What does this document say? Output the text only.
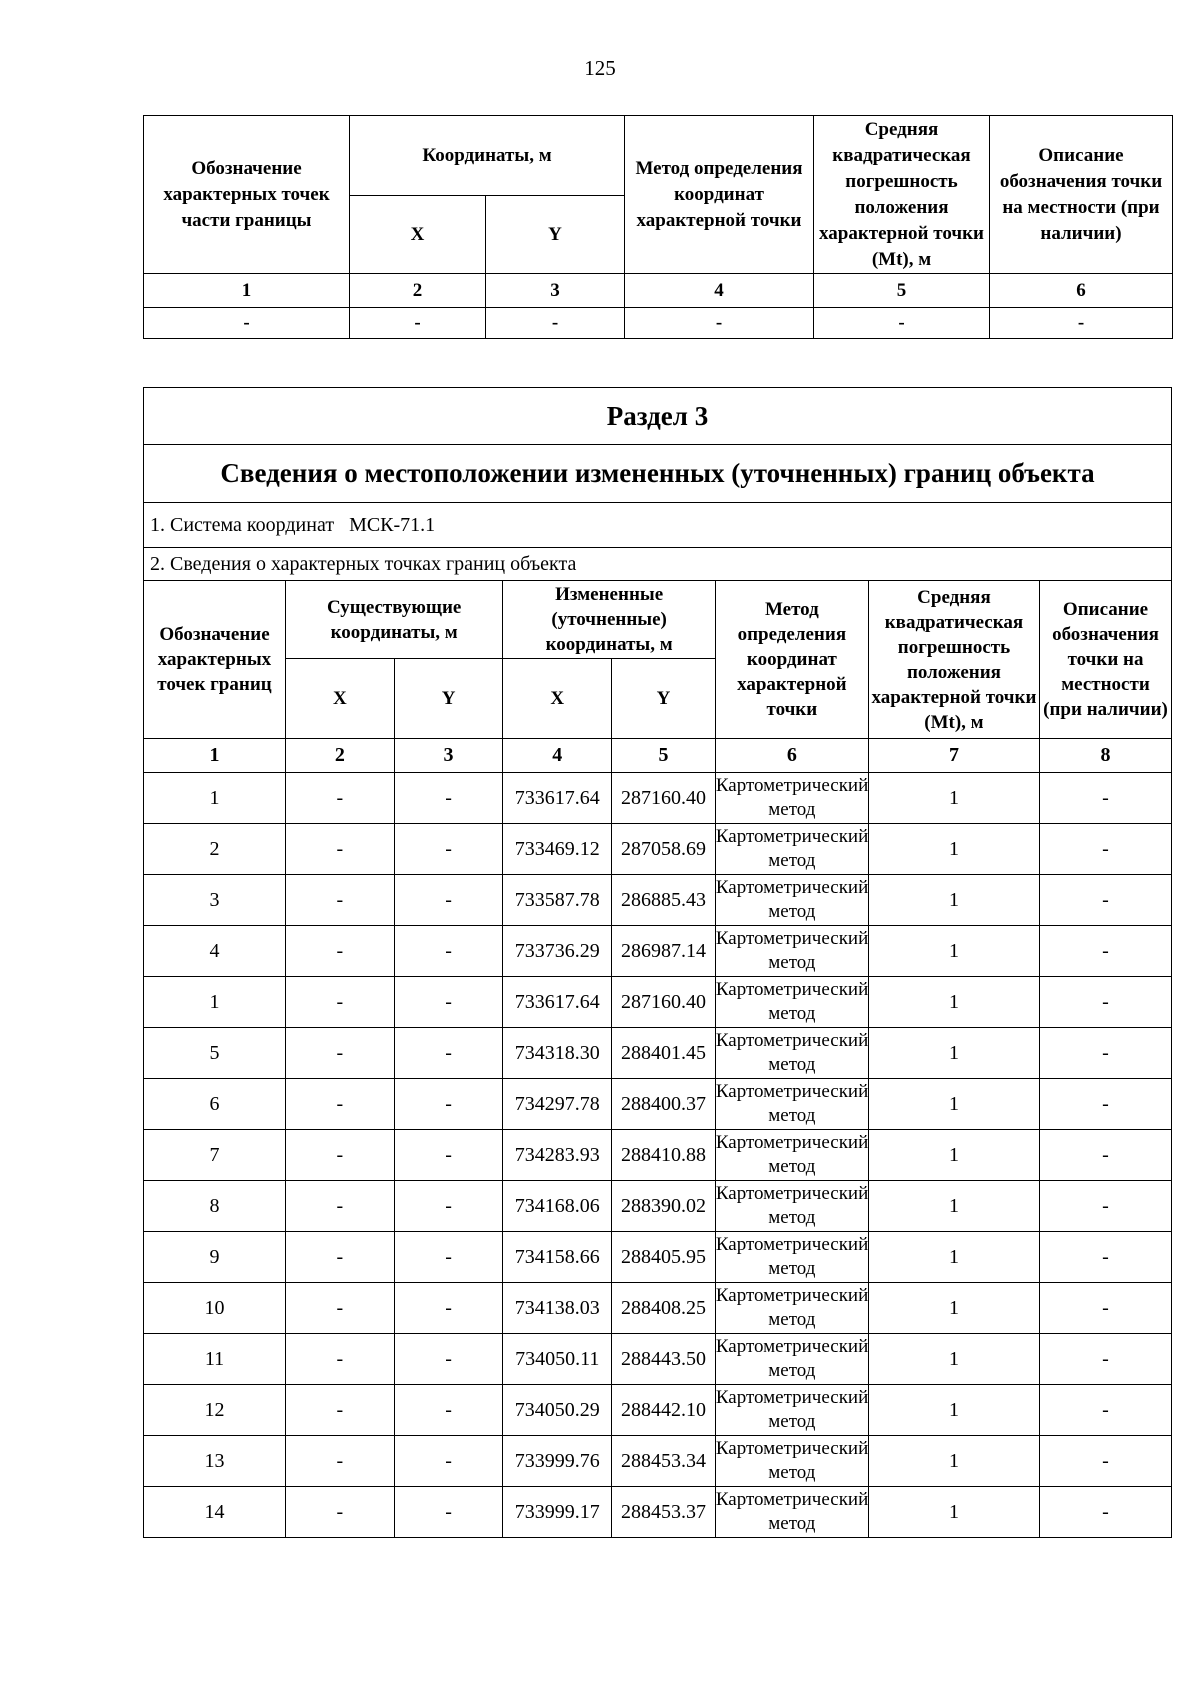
125
Обозначение характерных точек части границы	Координаты, м		Метод определения координат характерной точки	Средняя квадратическая погрешность положения характерной точки (Mt), м	Описание обозначения точки на местности (при наличии)
	X	Y			
1	2	3	4	5	6
-	-	-	-	-	-
Раздел 3							
Сведения о местоположении измененных (уточненных) границ объекта							
1. Система координат МСК-71.1							
2. Сведения о характерных точках границ объекта							
Обозначение характерных точек границ	Существующие координаты, м		Измененные (уточненные) координаты, м		Метод определения координат характерной точки	Средняя квадратическая погрешность положения характерной точки (Mt), м	Описание обозначения точки на местности (при наличии)
	X	Y	X	Y			
1	2	3	4	5	6	7	8
1	-	-	733617.64	287160.40	Картометрический метод	1	-
2	-	-	733469.12	287058.69	Картометрический метод	1	-
3	-	-	733587.78	286885.43	Картометрический метод	1	-
4	-	-	733736.29	286987.14	Картометрический метод	1	-
1	-	-	733617.64	287160.40	Картометрический метод	1	-
5	-	-	734318.30	288401.45	Картометрический метод	1	-
6	-	-	734297.78	288400.37	Картометрический метод	1	-
7	-	-	734283.93	288410.88	Картометрический метод	1	-
8	-	-	734168.06	288390.02	Картометрический метод	1	-
9	-	-	734158.66	288405.95	Картометрический метод	1	-
10	-	-	734138.03	288408.25	Картометрический метод	1	-
11	-	-	734050.11	288443.50	Картометрический метод	1	-
12	-	-	734050.29	288442.10	Картометрический метод	1	-
13	-	-	733999.76	288453.34	Картометрический метод	1	-
14	-	-	733999.17	288453.37	Картометрический метод	1	-
